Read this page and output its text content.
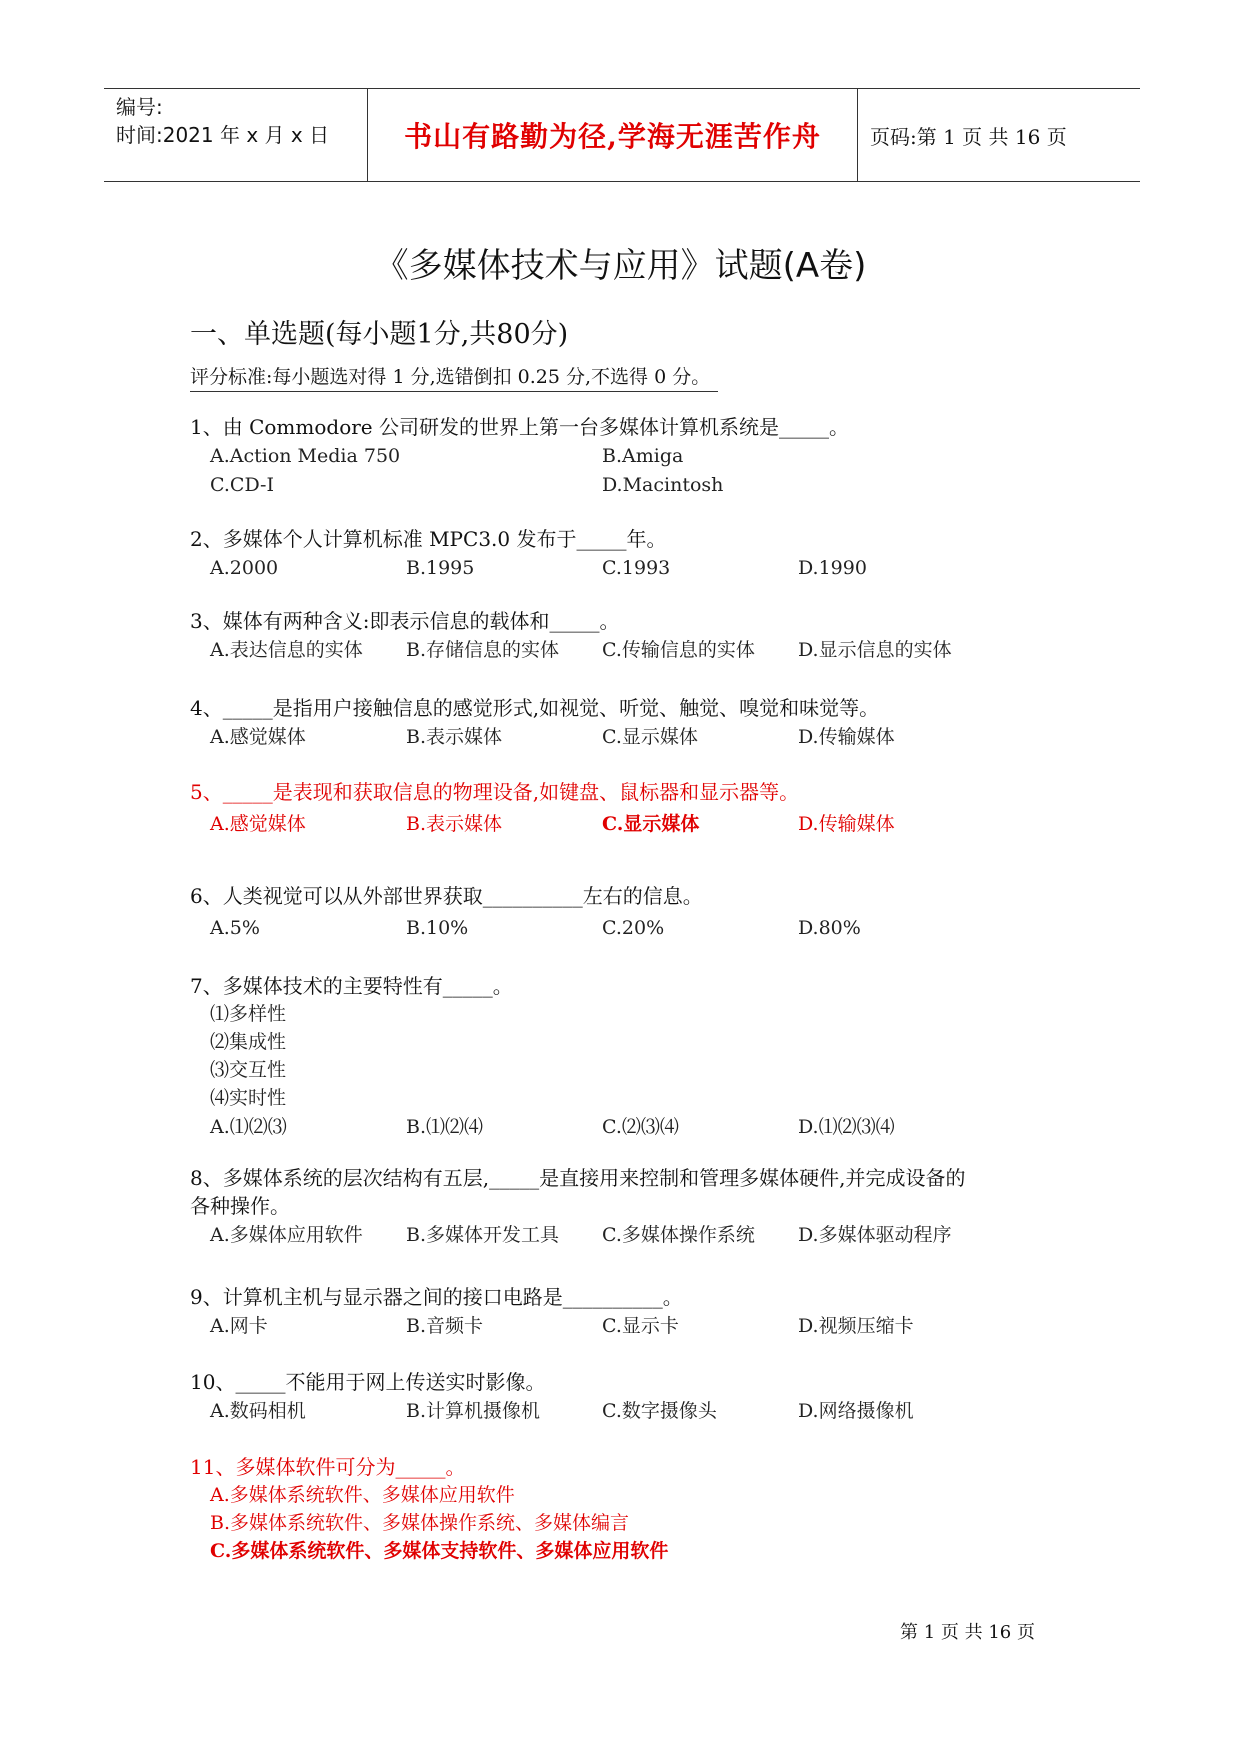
编号:
时间:2021 年 x 月 x 日	书山有路勤为径,学海无涯苦作舟 页码:第 1 页 共 16 页
《多媒体技术与应用》试题(A卷)
一、单选题(每小题1分,共80分)
评分标准:每小题选对得 1 分,选错倒扣 0.25 分,不选得 0 分。
1、由 Commodore 公司研发的世界上第一台多媒体计算机系统是_____。
A.Action Media 750	B.Amiga
C.CD-I	D.Macintosh
2、多媒体个人计算机标准 MPC3.0 发布于_____年。
A.2000	B.1995	C.1993	D.1990
3、媒体有两种含义:即表示信息的载体和_____。
A.表达信息的实体 B.存储信息的实体 C.传输信息的实体 D.显示信息的实体
4、_____是指用户接触信息的感觉形式,如视觉、听觉、触觉、嗅觉和味觉等。
A.感觉媒体	B.表示媒体	C.显示媒体	D.传输媒体
5、_____是表现和获取信息的物理设备,如键盘、鼠标器和显示器等。
A.感觉媒体	B.表示媒体	C.显示媒体	D.传输媒体
6、人类视觉可以从外部世界获取__________左右的信息。
A.5%	B.10%	C.20%	D.80%
7、多媒体技术的主要特性有_____。
⑴多样性
⑵集成性
⑶交互性
⑷实时性
A.⑴⑵⑶	B.⑴⑵⑷	C.⑵⑶⑷	D.⑴⑵⑶⑷
8、多媒体系统的层次结构有五层,_____是直接用来控制和管理多媒体硬件,并完成设备的
各种操作。
A.多媒体应用软件 B.多媒体开发工具 C.多媒体操作系统 D.多媒体驱动程序
9、计算机主机与显示器之间的接口电路是__________。
A.网卡	B.音频卡	C.显示卡	D.视频压缩卡
10、_____不能用于网上传送实时影像。
A.数码相机	B.计算机摄像机	C.数字摄像头	D.网络摄像机
11、多媒体软件可分为_____。
A.多媒体系统软件、多媒体应用软件
B.多媒体系统软件、多媒体操作系统、多媒体编言
C.多媒体系统软件、多媒体支持软件、多媒体应用软件
第 1 页 共 16 页
